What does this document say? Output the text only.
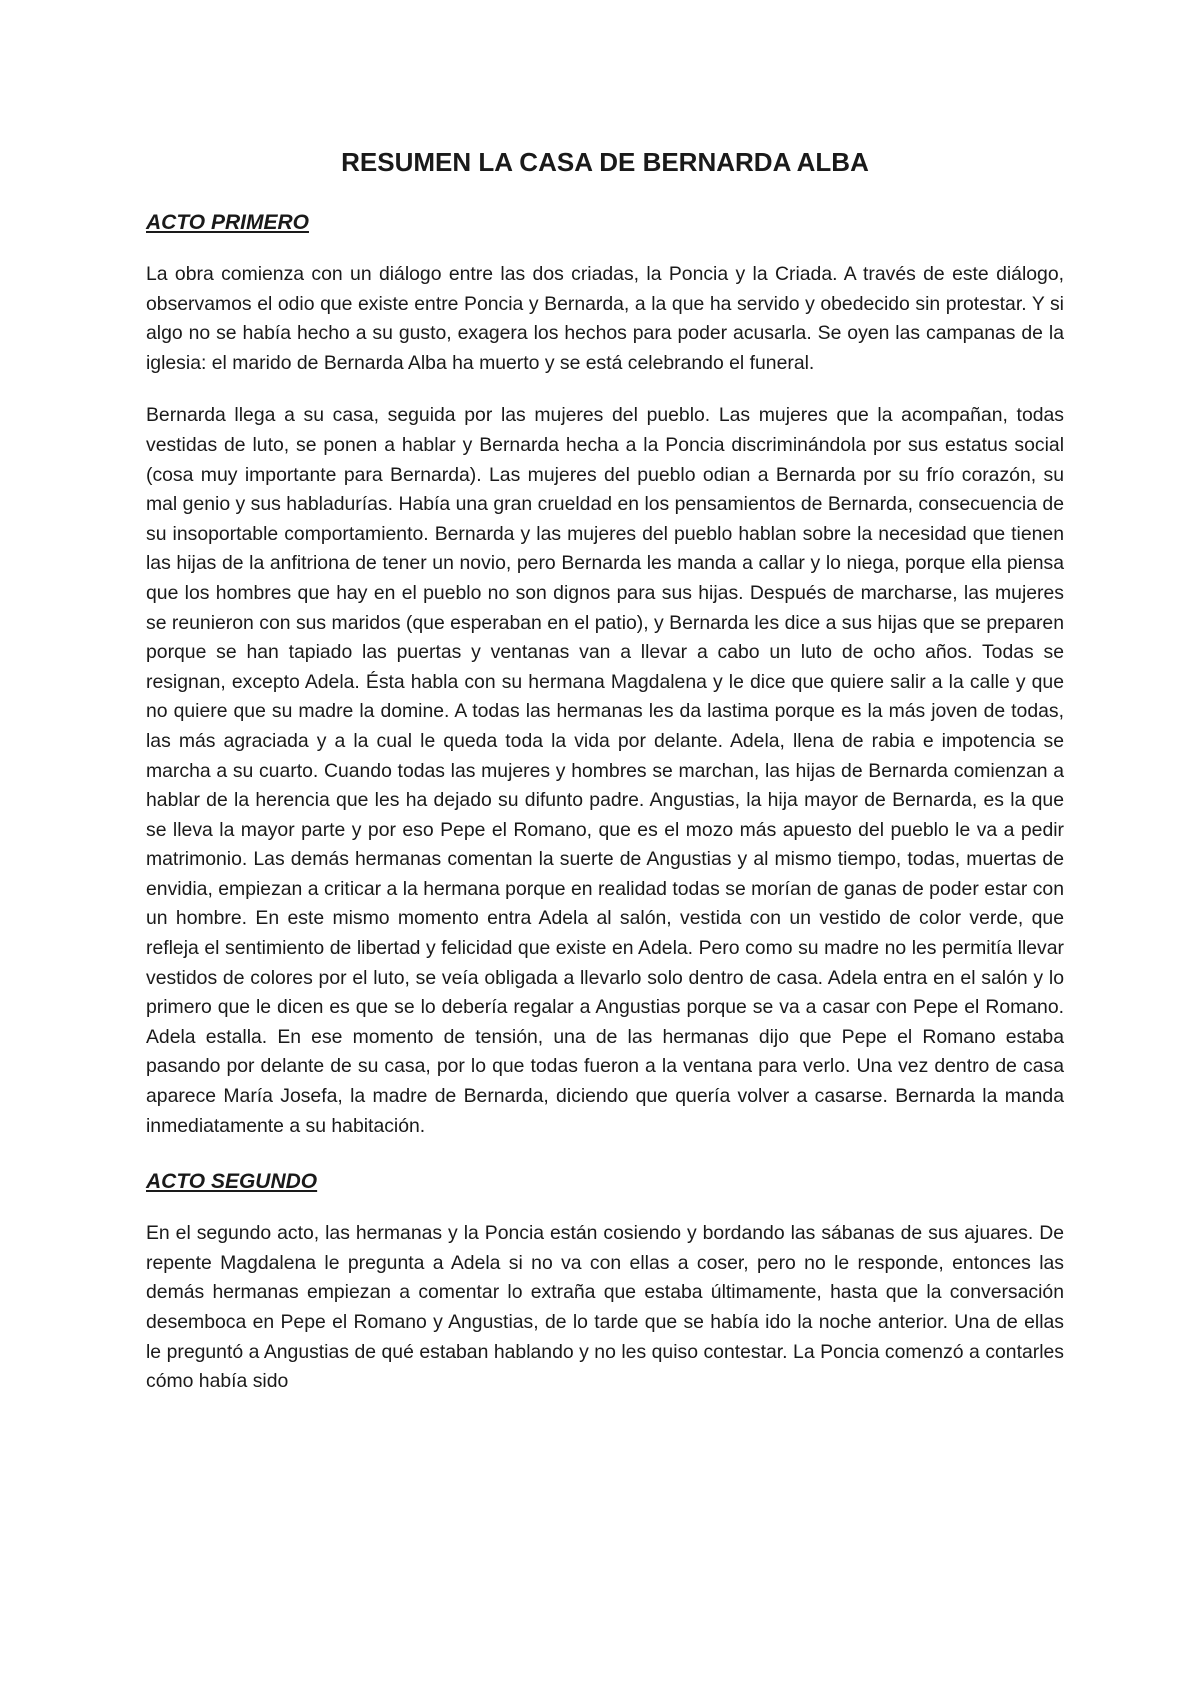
RESUMEN LA CASA DE BERNARDA ALBA
ACTO PRIMERO

La obra comienza con un diálogo entre las dos criadas, la Poncia y la Criada. A través de este diálogo, observamos el odio que existe entre Poncia y Bernarda, a la que ha servido y obedecido sin protestar. Y si algo no se había hecho a su gusto, exagera los hechos para poder acusarla. Se oyen las campanas de la iglesia: el marido de Bernarda Alba ha muerto y se está celebrando el funeral.

Bernarda llega a su casa, seguida por las mujeres del pueblo. Las mujeres que la acompañan, todas vestidas de luto, se ponen a hablar y Bernarda hecha a la Poncia discriminándola por sus estatus social (cosa muy importante para Bernarda). Las mujeres del pueblo odian a Bernarda por su frío corazón, su mal genio y sus habladurías. Había una gran crueldad en los pensamientos de Bernarda, consecuencia de su insoportable comportamiento. Bernarda y las mujeres del pueblo hablan sobre la necesidad que tienen las hijas de la anfitriona de tener un novio, pero Bernarda les manda a callar y lo niega, porque ella piensa que los hombres que hay en el pueblo no son dignos para sus hijas. Después de marcharse, las mujeres se reunieron con sus maridos (que esperaban en el patio), y Bernarda les dice a sus hijas que se preparen porque se han tapiado las puertas y ventanas van a llevar a cabo un luto de ocho años. Todas se resignan, excepto Adela. Ésta habla con su hermana Magdalena y le dice que quiere salir a la calle y que no quiere que su madre la domine. A todas las hermanas les da lastima porque es la más joven de todas, las más agraciada y a la cual le queda toda la vida por delante. Adela, llena de rabia e impotencia se marcha a su cuarto. Cuando todas las mujeres y hombres se marchan, las hijas de Bernarda comienzan a hablar de la herencia que les ha dejado su difunto padre. Angustias, la hija mayor de Bernarda, es la que se lleva la mayor parte y por eso Pepe el Romano, que es el mozo más apuesto del pueblo le va a pedir matrimonio. Las demás hermanas comentan la suerte de Angustias y al mismo tiempo, todas, muertas de envidia, empiezan a criticar a la hermana porque en realidad todas se morían de ganas de poder estar con un hombre. En este mismo momento entra Adela al salón, vestida con un vestido de color verde, que refleja el sentimiento de libertad y felicidad que existe en Adela. Pero como su madre no les permitía llevar vestidos de colores por el luto, se veía obligada a llevarlo solo dentro de casa. Adela entra en el salón y lo primero que le dicen es que se lo debería regalar a Angustias porque se va a casar con Pepe el Romano. Adela estalla. En ese momento de tensión, una de las hermanas dijo que Pepe el Romano estaba pasando por delante de su casa, por lo que todas fueron a la ventana para verlo. Una vez dentro de casa aparece María Josefa, la madre de Bernarda, diciendo que quería volver a casarse. Bernarda la manda inmediatamente a su habitación.

ACTO SEGUNDO

En el segundo acto, las hermanas y la Poncia están cosiendo y bordando las sábanas de sus ajuares. De repente Magdalena le pregunta a Adela si no va con ellas a coser, pero no le responde, entonces las demás hermanas empiezan a comentar lo extraña que estaba últimamente, hasta que la conversación desemboca en Pepe el Romano y Angustias, de lo tarde que se había ido la noche anterior. Una de ellas le preguntó a Angustias de qué estaban hablando y no les quiso contestar. La Poncia comenzó a contarles cómo había sido
